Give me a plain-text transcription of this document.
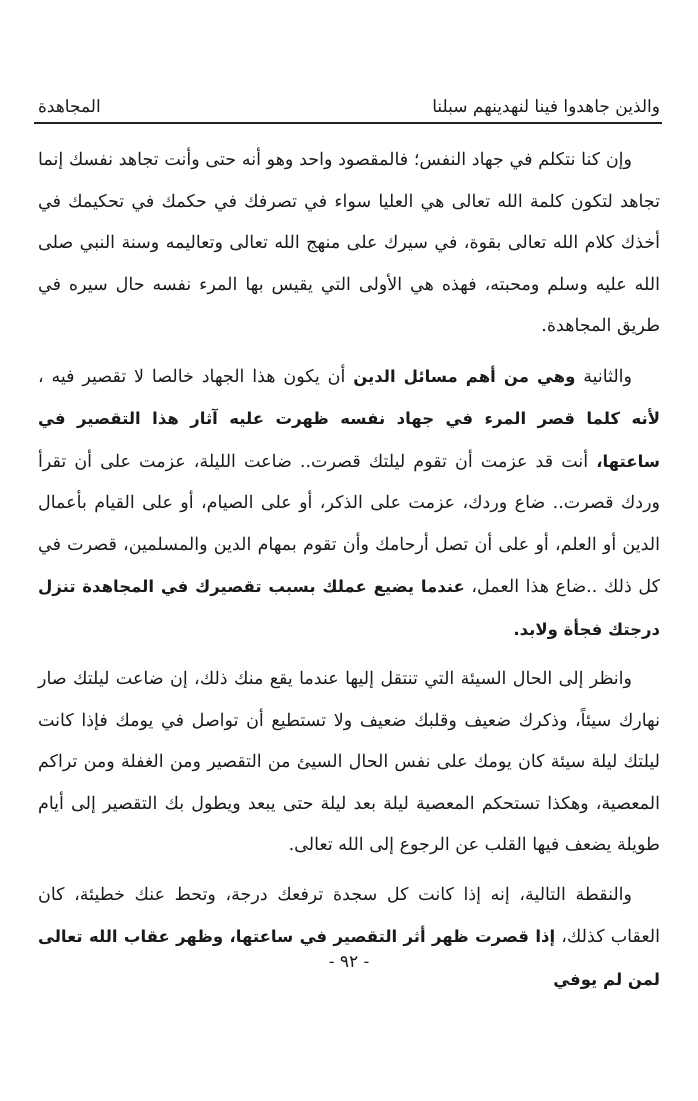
والذين جاهدوا فينا لنهدينهم سبلنا
المجاهدة

وإن كنا نتكلم في جهاد النفس؛ فالمقصود واحد وهو أنه حتى وأنت تجاهد نفسك إنما تجاهد لتكون كلمة الله تعالى هي العليا سواء في تصرفك في حكمك في تحكيمك في أخذك كلام الله تعالى بقوة، في سيرك على منهج الله تعالى وتعاليمه وسنة النبي صلى الله عليه وسلم ومحبته، فهذه هي الأولى التي يقيس بها المرء نفسه حال سيره في طريق المجاهدة.

والثانية وهي من أهم مسائل الدين أن يكون هذا الجهاد خالصا لا تقصير فيه ، لأنه كلما قصر المرء في جهاد نفسه ظهرت عليه آثار هذا التقصير في ساعتها، أنت قد عزمت أن تقوم ليلتك قصرت.. ضاعت الليلة، عزمت على أن تقرأ وردك قصرت.. ضاع وردك، عزمت على الذكر، أو على الصيام، أو على القيام بأعمال الدين أو العلم، أو على أن تصل أرحامك وأن تقوم بمهام الدين والمسلمين، قصرت في كل ذلك ..ضاع هذا العمل، عندما يضيع عملك بسبب تقصيرك في المجاهدة تنزل درجتك فجأة ولابد.

وانظر إلى الحال السيئة التي تنتقل إليها عندما يقع منك ذلك، إن ضاعت ليلتك صار نهارك سيئاً، وذكرك ضعيف وقلبك ضعيف ولا تستطيع أن تواصل في يومك فإذا كانت ليلتك ليلة سيئة كان يومك على نفس الحال السيئ من التقصير ومن الغفلة ومن تراكم المعصية، وهكذا تستحكم المعصية ليلة بعد ليلة حتى يبعد ويطول بك التقصير إلى أيام طويلة يضعف فيها القلب عن الرجوع إلى الله تعالى.

والنقطة التالية، إنه إذا كانت كل سجدة ترفعك درجة، وتحط عنك خطيئة، كان العقاب كذلك، إذا قصرت ظهر أثر التقصير في ساعتها، وظهر عقاب الله تعالى لمن لم يوفي

- ٩٢ -
